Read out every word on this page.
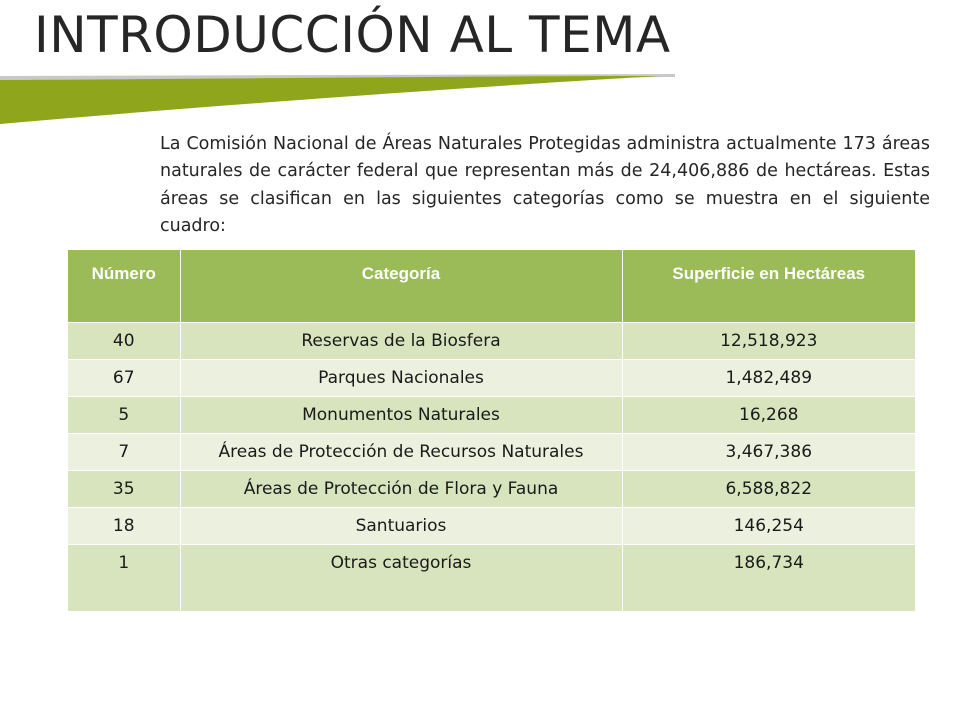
INTRODUCCIÓN AL TEMA

La Comisión Nacional de Áreas Naturales Protegidas administra actualmente 173 áreas naturales de carácter federal que representan más de 24,406,886 de hectáreas. Estas áreas se clasifican en las siguientes categorías como se muestra en el siguiente cuadro:

Número	Categoría	Superficie en Hectáreas
40	Reservas de la Biosfera	12,518,923
67	Parques Nacionales	1,482,489
5	Monumentos Naturales	16,268
7	Áreas de Protección de Recursos Naturales	3,467,386
35	Áreas de Protección de Flora y Fauna	6,588,822
18	Santuarios	146,254
1	Otras categorías	186,734
